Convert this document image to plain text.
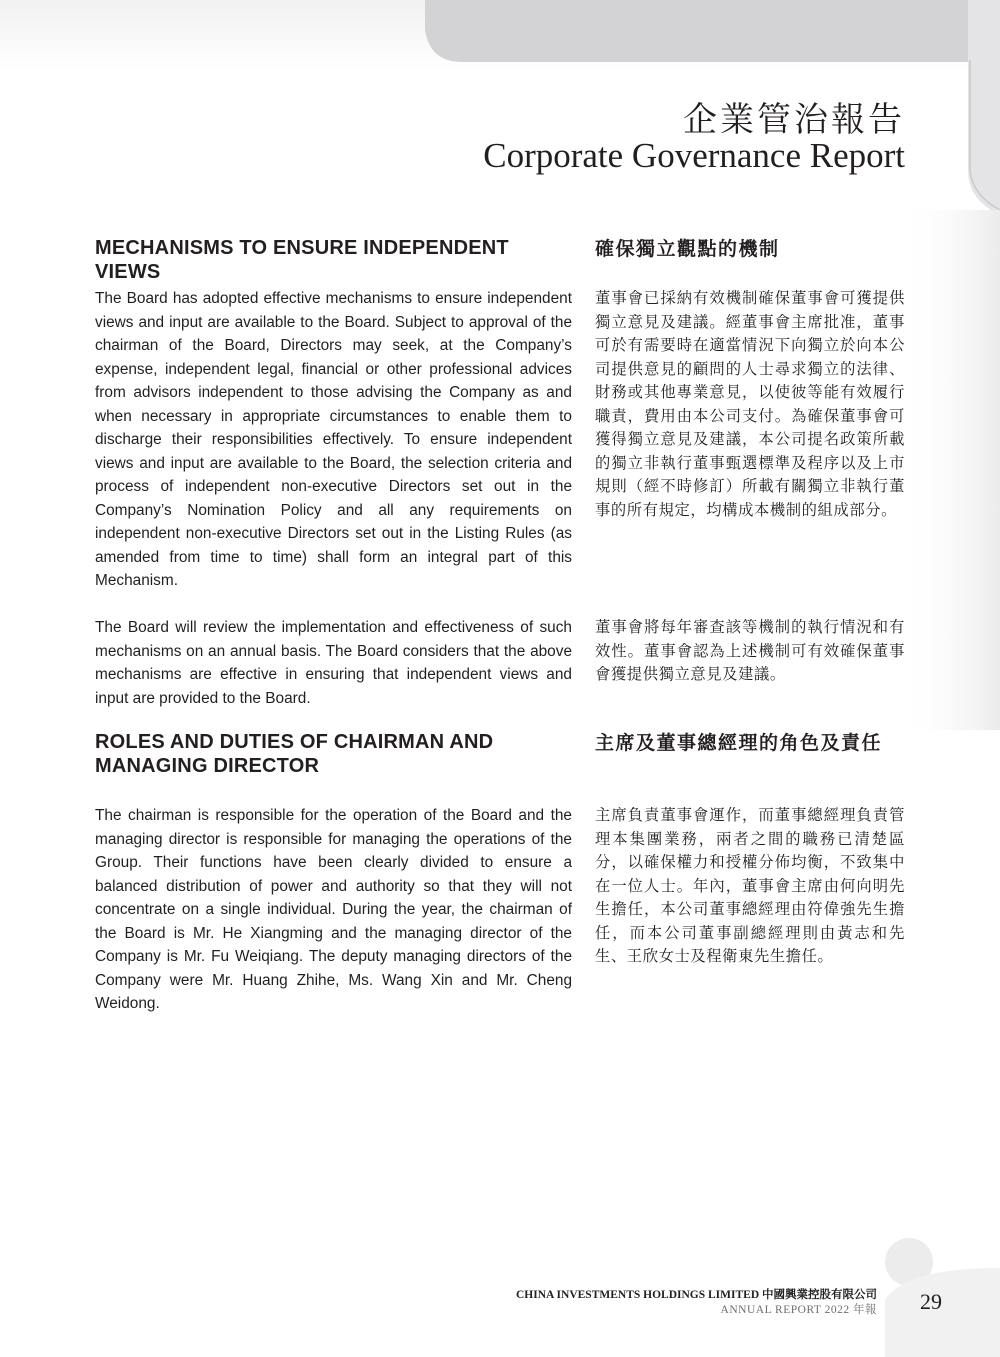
企業管治報告
Corporate Governance Report
MECHANISMS TO ENSURE INDEPENDENT VIEWS
確保獨立觀點的機制

The Board has adopted effective mechanisms to ensure independent views and input are available to the Board. Subject to approval of the chairman of the Board, Directors may seek, at the Company’s expense, independent legal, financial or other professional advices from advisors independent to those advising the Company as and when necessary in appropriate circumstances to enable them to discharge their responsibilities effectively. To ensure independent views and input are available to the Board, the selection criteria and process of independent non-executive Directors set out in the Company’s Nomination Policy and all any requirements on independent non-executive Directors set out in the Listing Rules (as amended from time to time) shall form an integral part of this Mechanism.

董事會已採納有效機制確保董事會可獲提供獨立意見及建議。經董事會主席批准，董事可於有需要時在適當情況下向獨立於向本公司提供意見的顧問的人士尋求獨立的法律、財務或其他專業意見，以使彼等能有效履行職責，費用由本公司支付。為確保董事會可獲得獨立意見及建議，本公司提名政策所載的獨立非執行董事甄選標準及程序以及上市規則（經不時修訂）所載有關獨立非執行董事的所有規定，均構成本機制的組成部分。

The Board will review the implementation and effectiveness of such mechanisms on an annual basis. The Board considers that the above mechanisms are effective in ensuring that independent views and input are provided to the Board.

董事會將每年審查該等機制的執行情況和有效性。董事會認為上述機制可有效確保董事會獲提供獨立意見及建議。

ROLES AND DUTIES OF CHAIRMAN AND MANAGING DIRECTOR
主席及董事總經理的角色及責任

The chairman is responsible for the operation of the Board and the managing director is responsible for managing the operations of the Group. Their functions have been clearly divided to ensure a balanced distribution of power and authority so that they will not concentrate on a single individual. During the year, the chairman of the Board is Mr. He Xiangming and the managing director of the Company is Mr. Fu Weiqiang. The deputy managing directors of the Company were Mr. Huang Zhihe, Ms. Wang Xin and Mr. Cheng Weidong.

主席負責董事會運作，而董事總經理負責管理本集團業務，兩者之間的職務已清楚區分，以確保權力和授權分佈均衡，不致集中在一位人士。年內，董事會主席由何向明先生擔任，本公司董事總經理由符偉強先生擔任，而本公司董事副總經理則由黃志和先生、王欣女士及程衛東先生擔任。

CHINA INVESTMENTS HOLDINGS LIMITED 中國興業控股有限公司
ANNUAL REPORT 2022 年報 29
